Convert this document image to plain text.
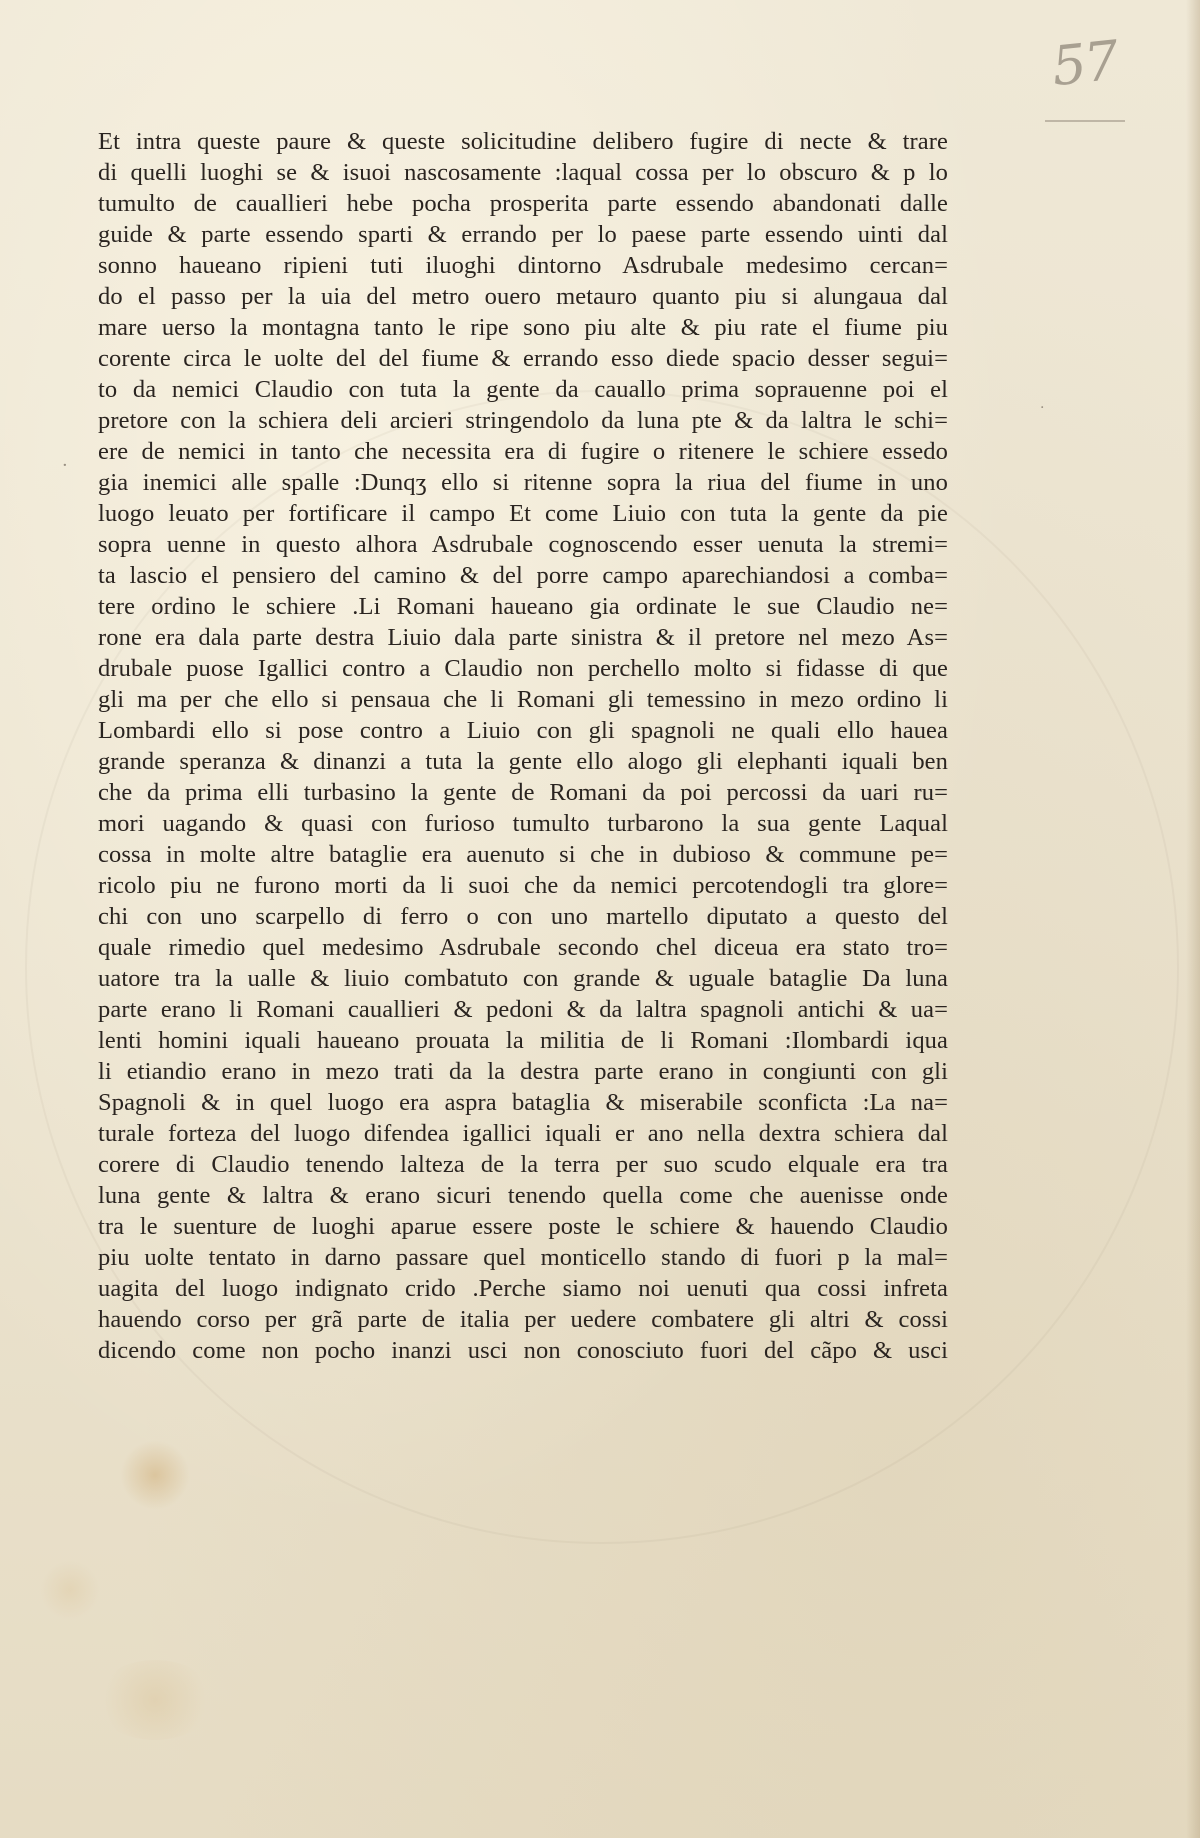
57
·
·
Et intra queste paure & queste solicitudine delibero fugire di necte & trare
di quelli luoghi se & isuoi nascosamente :laqual cossa per lo obscuro & p lo
tumulto de cauallieri hebe pocha prosperita parte essendo abandonati dalle
guide & parte essendo sparti & errando per lo paese parte essendo uinti dal
sonno haueano ripieni tuti iluoghi dintorno Asdrubale medesimo cercan=
do el passo per la uia del metro ouero metauro quanto piu si alungaua dal
mare uerso la montagna tanto le ripe sono piu alte & piu rate el fiume piu
corente circa le uolte del del fiume & errando esso diede spacio desser segui=
to da nemici Claudio con tuta la gente da cauallo prima soprauenne poi el
pretore con la schiera deli arcieri stringendolo da luna pte & da laltra le schi=
ere de nemici in tanto che necessita era di fugire o ritenere le schiere essedo
gia inemici alle spalle :Dunqʒ ello si ritenne sopra la riua del fiume in uno
luogo leuato per fortificare il campo Et come Liuio con tuta la gente da pie
sopra uenne in questo alhora Asdrubale cognoscendo esser uenuta la stremi=
ta lascio el pensiero del camino & del porre campo aparechiandosi a comba=
tere ordino le schiere .Li Romani haueano gia ordinate le sue Claudio ne=
rone era dala parte destra Liuio dala parte sinistra & il pretore nel mezo As=
drubale puose Igallici contro a Claudio non perchello molto si fidasse di que
gli ma per che ello si pensaua che li Romani gli temessino in mezo ordino li
Lombardi ello si pose contro a Liuio con gli spagnoli ne quali ello hauea
grande speranza & dinanzi a tuta la gente ello alogo gli elephanti iquali ben
che da prima elli turbasino la gente de Romani da poi percossi da uari ru=
mori uagando & quasi con furioso tumulto turbarono la sua gente Laqual
cossa in molte altre bataglie era auenuto si che in dubioso & commune pe=
ricolo piu ne furono morti da li suoi che da nemici percotendogli tra glore=
chi con uno scarpello di ferro o con uno martello diputato a questo del
quale rimedio quel medesimo Asdrubale secondo chel diceua era stato tro=
uatore tra la ualle & liuio combatuto con grande & uguale bataglie Da luna
parte erano li Romani cauallieri & pedoni & da laltra spagnoli antichi & ua=
lenti homini iquali haueano prouata la militia de li Romani :Ilombardi iqua
li etiandio erano in mezo trati da la destra parte erano in congiunti con gli
Spagnoli & in quel luogo era aspra bataglia & miserabile sconficta :La na=
turale forteza del luogo difendea igallici iquali er ano nella dextra schiera dal
corere di Claudio tenendo lalteza de la terra per suo scudo elquale era tra
luna gente & laltra & erano sicuri tenendo quella come che auenisse onde
tra le suenture de luoghi aparue essere poste le schiere & hauendo Claudio
piu uolte tentato in darno passare quel monticello stando di fuori p la mal=
uagita del luogo indignato crido .Perche siamo noi uenuti qua cossi infreta
hauendo corso per grã parte de italia per uedere combatere gli altri & cossi
dicendo come non pocho inanzi usci non conosciuto fuori del cãpo & usci
